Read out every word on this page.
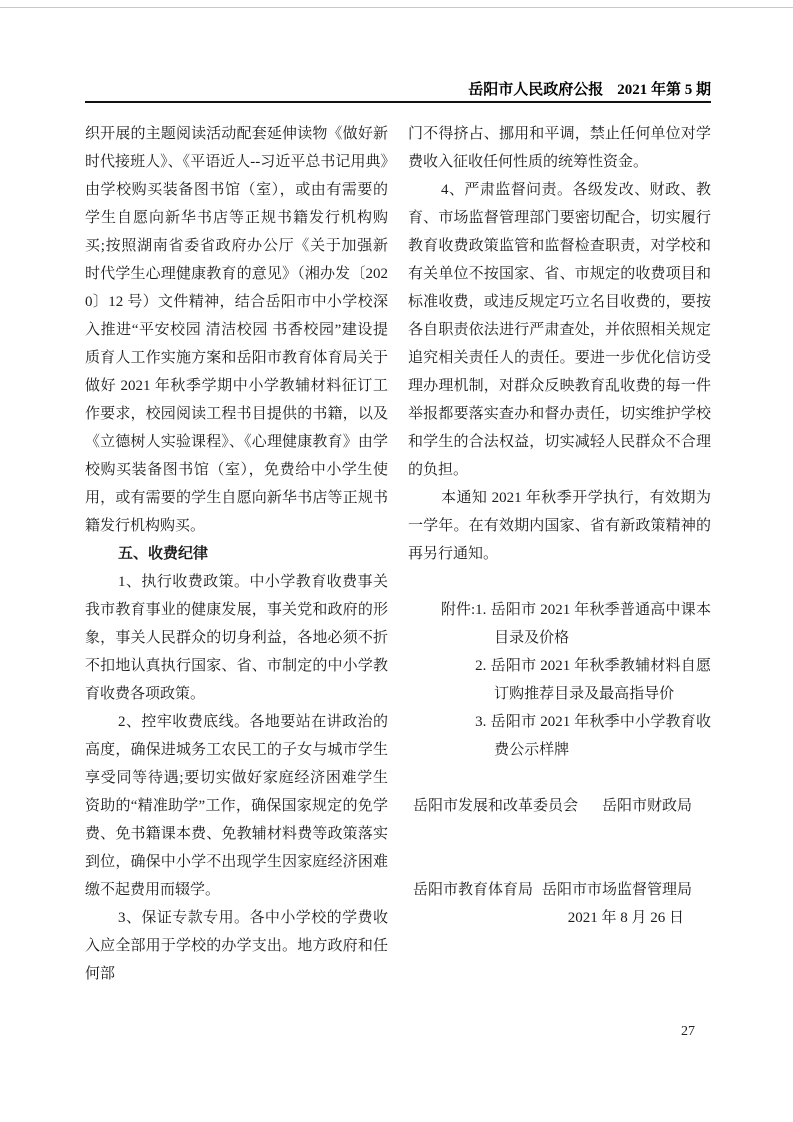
岳阳市人民政府公报 2021 年第 5 期

织开展的主题阅读活动配套延伸读物《做好新时代接班人》、《平语近人--习近平总书记用典》由学校购买装备图书馆（室），或由有需要的学生自愿向新华书店等正规书籍发行机构购买;按照湖南省委省政府办公厅《关于加强新时代学生心理健康教育的意见》（湘办发〔2020〕12 号）文件精神，结合岳阳市中小学校深入推进“平安校园 清洁校园 书香校园”建设提质育人工作实施方案和岳阳市教育体育局关于做好 2021 年秋季学期中小学教辅材料征订工作要求，校园阅读工程书目提供的书籍，以及《立德树人实验课程》、《心理健康教育》由学校购买装备图书馆（室），免费给中小学生使用，或有需要的学生自愿向新华书店等正规书籍发行机构购买。

五、收费纪律

1、执行收费政策。中小学教育收费事关我市教育事业的健康发展，事关党和政府的形象，事关人民群众的切身利益，各地必须不折不扣地认真执行国家、省、市制定的中小学教育收费各项政策。

2、控牢收费底线。各地要站在讲政治的高度，确保进城务工农民工的子女与城市学生享受同等待遇;要切实做好家庭经济困难学生资助的“精准助学”工作，确保国家规定的免学费、免书籍课本费、免教辅材料费等政策落实到位，确保中小学不出现学生因家庭经济困难缴不起费用而辍学。

3、保证专款专用。各中小学校的学费收入应全部用于学校的办学支出。地方政府和任何部

门不得挤占、挪用和平调，禁止任何单位对学费收入征收任何性质的统筹性资金。

4、严肃监督问责。各级发改、财政、教育、市场监督管理部门要密切配合，切实履行教育收费政策监管和监督检查职责，对学校和有关单位不按国家、省、市规定的收费项目和标准收费，或违反规定巧立名目收费的，要按各自职责依法进行严肃查处，并依照相关规定追究相关责任人的责任。要进一步优化信访受理办理机制，对群众反映教育乱收费的每一件举报都要落实查办和督办责任，切实维护学校和学生的合法权益，切实减轻人民群众不合理的负担。

本通知 2021 年秋季开学执行，有效期为一学年。在有效期内国家、省有新政策精神的再另行通知。

附件: 1. 岳阳市 2021 年秋季普通高中课本目录及价格
2. 岳阳市 2021 年秋季教辅材料自愿订购推荐目录及最高指导价
3. 岳阳市 2021 年秋季中小学教育收费公示样牌
岳阳市发展和改革委员会 岳阳市财政局
岳阳市教育体育局 岳阳市市场监督管理局
2021 年 8 月 26 日
27
